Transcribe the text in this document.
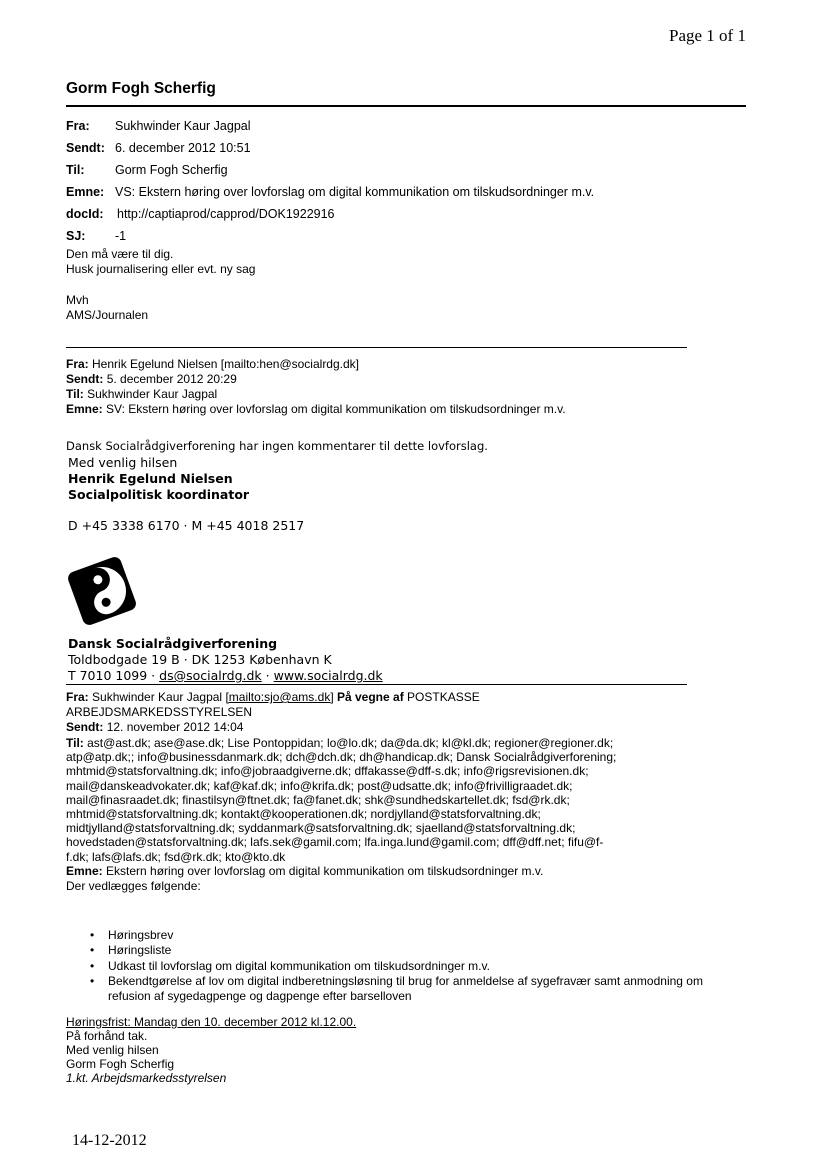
Page 1 of 1
Gorm Fogh Scherfig
Fra: Sukhwinder Kaur Jagpal
Sendt: 6. december 2012 10:51
Til: Gorm Fogh Scherfig
Emne: VS: Ekstern høring over lovforslag om digital kommunikation om tilskudsordninger m.v.
docId: http://captiaprod/capprod/DOK1922916
SJ: -1
Den må være til dig.
Husk journalisering eller evt. ny sag
Mvh
AMS/Journalen
Fra: Henrik Egelund Nielsen [mailto:hen@socialrdg.dk]
Sendt: 5. december 2012 20:29
Til: Sukhwinder Kaur Jagpal
Emne: SV: Ekstern høring over lovforslag om digital kommunikation om tilskudsordninger m.v.
Dansk Socialrådgiverforening har ingen kommentarer til dette lovforslag.
Med venlig hilsen
Henrik Egelund Nielsen
Socialpolitisk koordinator
D +45 3338 6170 · M +45 4018 2517
Dansk Socialrådgiverforening
Toldbodgade 19 B · DK 1253 København K
T 7010 1099 · ds@socialrdg.dk · www.socialrdg.dk
Fra: Sukhwinder Kaur Jagpal [mailto:sjo@ams.dk] På vegne af POSTKASSE
ARBEJDSMARKEDSSTYRELSEN
Sendt: 12. november 2012 14:04
Til: ast@ast.dk; ase@ase.dk; Lise Pontoppidan; lo@lo.dk; da@da.dk; kl@kl.dk; regioner@regioner.dk;
atp@atp.dk;; info@businessdanmark.dk; dch@dch.dk; dh@handicap.dk; Dansk Socialrådgiverforening;
mhtmid@statsforvaltning.dk; info@jobraadgiverne.dk; dffakasse@dff-s.dk; info@rigsrevisionen.dk;
mail@danskeadvokater.dk; kaf@kaf.dk; info@krifa.dk; post@udsatte.dk; info@frivilligraadet.dk;
mail@finasraadet.dk; finastilsyn@ftnet.dk; fa@fanet.dk; shk@sundhedskartellet.dk; fsd@rk.dk;
mhtmid@statsforvaltning.dk; kontakt@kooperationen.dk; nordjylland@statsforvaltning.dk;
midtjylland@statsforvaltning.dk; syddanmark@satsforvaltning.dk; sjaelland@statsforvaltning.dk;
hovedstaden@statsforvaltning.dk; lafs.sek@gamil.com; lfa.inga.lund@gamil.com; dff@dff.net; fifu@f-
f.dk; lafs@lafs.dk; fsd@rk.dk; kto@kto.dk
Emne: Ekstern høring over lovforslag om digital kommunikation om tilskudsordninger m.v.
Der vedlægges følgende:
• Høringsbrev
• Høringsliste
• Udkast til lovforslag om digital kommunikation om tilskudsordninger m.v.
• Bekendtgørelse af lov om digital indberetningsløsning til brug for anmeldelse af sygefravær samt anmodning om refusion af sygedagpenge og dagpenge efter barselloven
Høringsfrist: Mandag den 10. december 2012 kl.12.00.
På forhånd tak.
Med venlig hilsen
Gorm Fogh Scherfig
1.kt. Arbejdsmarkedsstyrelsen
14-12-2012
